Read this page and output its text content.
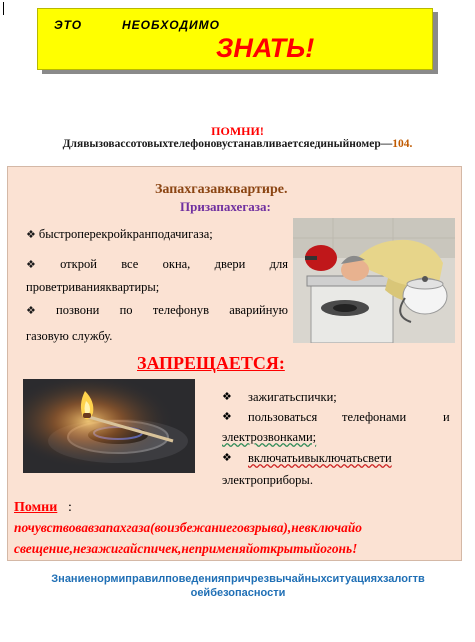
ЭТО	НЕОБХОДИМО
ЗНАТЬ!
ПОМНИ!
Длявызовассотовыхтелефоновустанавливаетсяединыйномер—104.
Запахгазавквартире.
Призапахегаза:
❖ быстроперекройкранподачигаза;
❖ открой все окна, двери для
проветриванияквартиры;
❖ позвони по телефонув аварийную
газовую службу.
ЗАПРЕЩАЕТСЯ:
❖ зажигатьспички;
❖ пользоваться телефонами	и
электрозвонками;
❖ включатьивыключатьсвети
электроприборы.
Помни :
почувствовавзапахгаза(воизбежаниеговзрыва),невключайо
свещение,незажигайспичек,неприменяйоткрытыйогонь!
Знаниенормиправилповеденияпричрезвычайныхситуацияхзалогтв оейбезопасности
